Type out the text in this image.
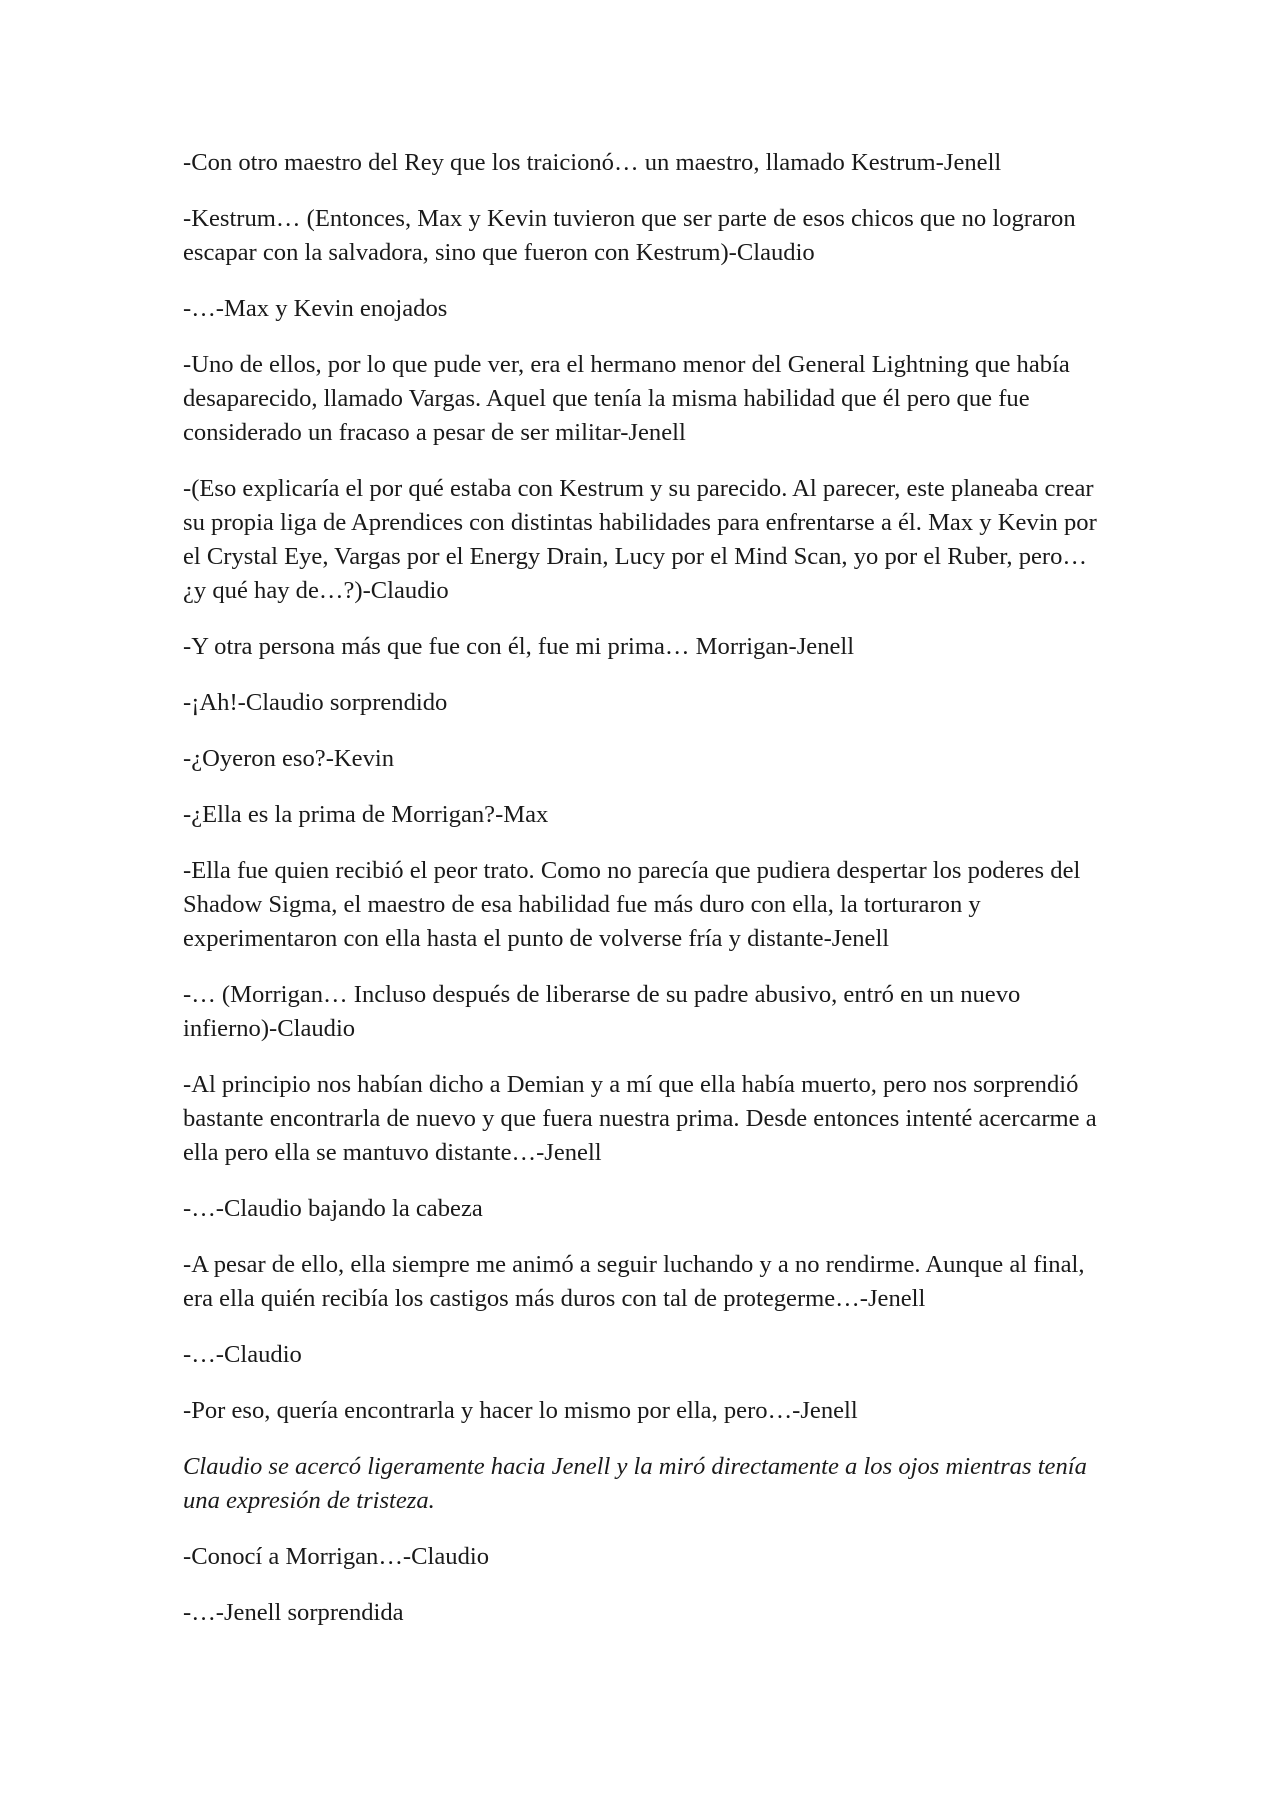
-Con otro maestro del Rey que los traicionó… un maestro, llamado Kestrum-Jenell

-Kestrum… (Entonces, Max y Kevin tuvieron que ser parte de esos chicos que no lograron escapar con la salvadora, sino que fueron con Kestrum)-Claudio

-…-Max y Kevin enojados

-Uno de ellos, por lo que pude ver, era el hermano menor del General Lightning que había desaparecido, llamado Vargas. Aquel que tenía la misma habilidad que él pero que fue considerado un fracaso a pesar de ser militar-Jenell

-(Eso explicaría el por qué estaba con Kestrum y su parecido. Al parecer, este planeaba crear su propia liga de Aprendices con distintas habilidades para enfrentarse a él. Max y Kevin por el Crystal Eye, Vargas por el Energy Drain, Lucy por el Mind Scan, yo por el Ruber, pero… ¿y qué hay de…?)-Claudio

-Y otra persona más que fue con él, fue mi prima… Morrigan-Jenell

-¡Ah!-Claudio sorprendido

-¿Oyeron eso?-Kevin

-¿Ella es la prima de Morrigan?-Max

-Ella fue quien recibió el peor trato. Como no parecía que pudiera despertar los poderes del Shadow Sigma, el maestro de esa habilidad fue más duro con ella, la torturaron y experimentaron con ella hasta el punto de volverse fría y distante-Jenell

-… (Morrigan… Incluso después de liberarse de su padre abusivo, entró en un nuevo infierno)-Claudio

-Al principio nos habían dicho a Demian y a mí que ella había muerto, pero nos sorprendió bastante encontrarla de nuevo y que fuera nuestra prima. Desde entonces intenté acercarme a ella pero ella se mantuvo distante…-Jenell

-…-Claudio bajando la cabeza

-A pesar de ello, ella siempre me animó a seguir luchando y a no rendirme. Aunque al final, era ella quién recibía los castigos más duros con tal de protegerme…-Jenell

-…-Claudio

-Por eso, quería encontrarla y hacer lo mismo por ella, pero…-Jenell

Claudio se acercó ligeramente hacia Jenell y la miró directamente a los ojos mientras tenía una expresión de tristeza.

-Conocí a Morrigan…-Claudio

-…-Jenell sorprendida
